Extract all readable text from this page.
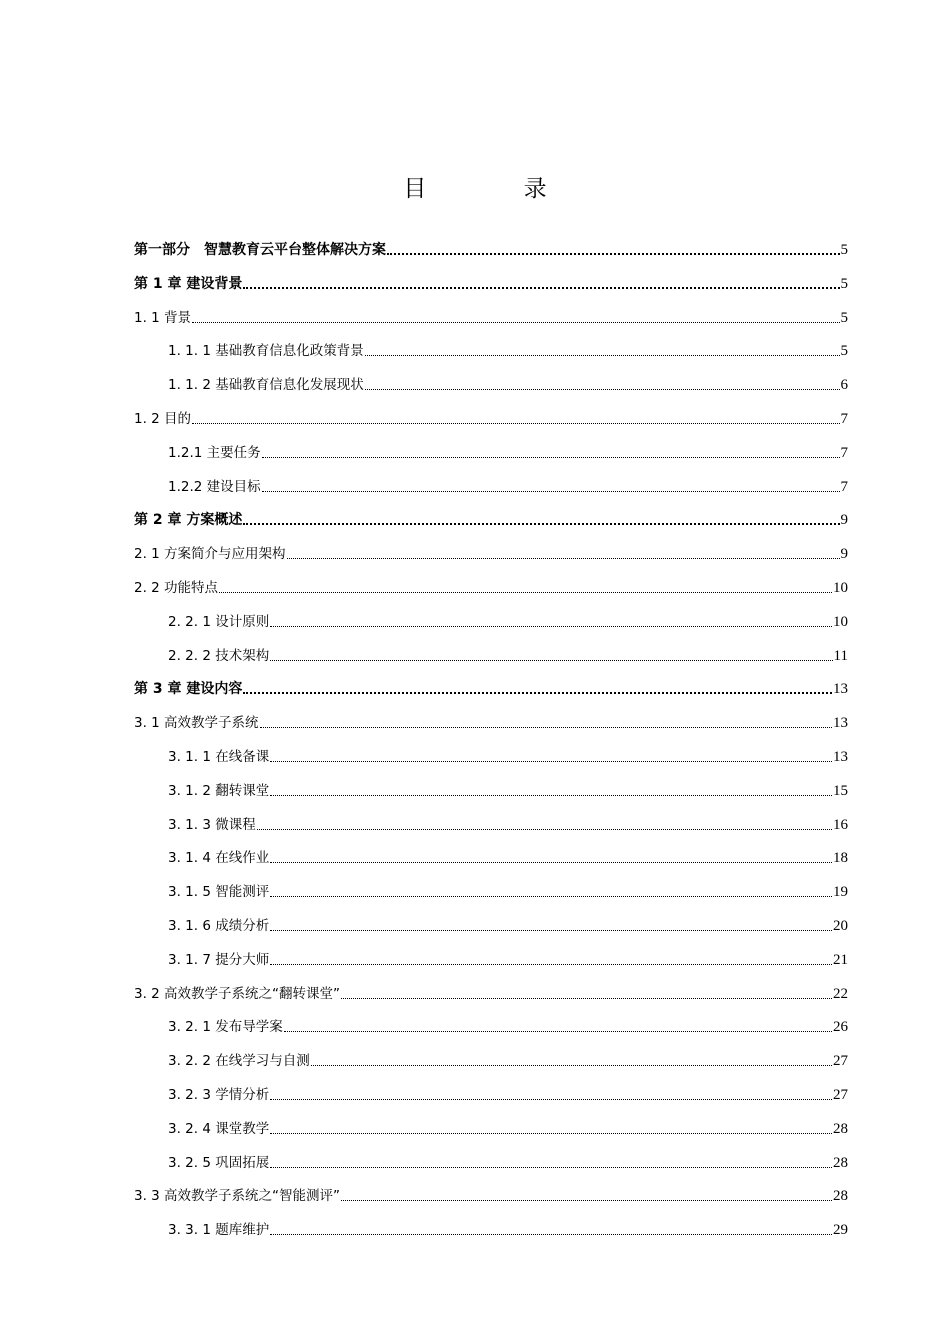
目 录
第一部分　智慧教育云平台整体解决方案	5
第 1 章 建设背景	5
1. 1 背景	5
1. 1. 1 基础教育信息化政策背景	5
1. 1. 2 基础教育信息化发展现状	6
1. 2 目的	7
1.2.1 主要任务	7
1.2.2 建设目标	7
第 2 章 方案概述	9
2. 1 方案简介与应用架构	9
2. 2 功能特点	10
2. 2. 1 设计原则	10
2. 2. 2 技术架构	11
第 3 章 建设内容	13
3. 1 高效教学子系统	13
3. 1. 1 在线备课	13
3. 1. 2 翻转课堂	15
3. 1. 3 微课程	16
3. 1. 4 在线作业	18
3. 1. 5 智能测评	19
3. 1. 6 成绩分析	20
3. 1. 7 提分大师	21
3. 2 高效教学子系统之“翻转课堂”	22
3. 2. 1 发布导学案	26
3. 2. 2 在线学习与自测	27
3. 2. 3 学情分析	27
3. 2. 4 课堂教学	28
3. 2. 5 巩固拓展	28
3. 3 高效教学子系统之“智能测评”	28
3. 3. 1 题库维护	29
